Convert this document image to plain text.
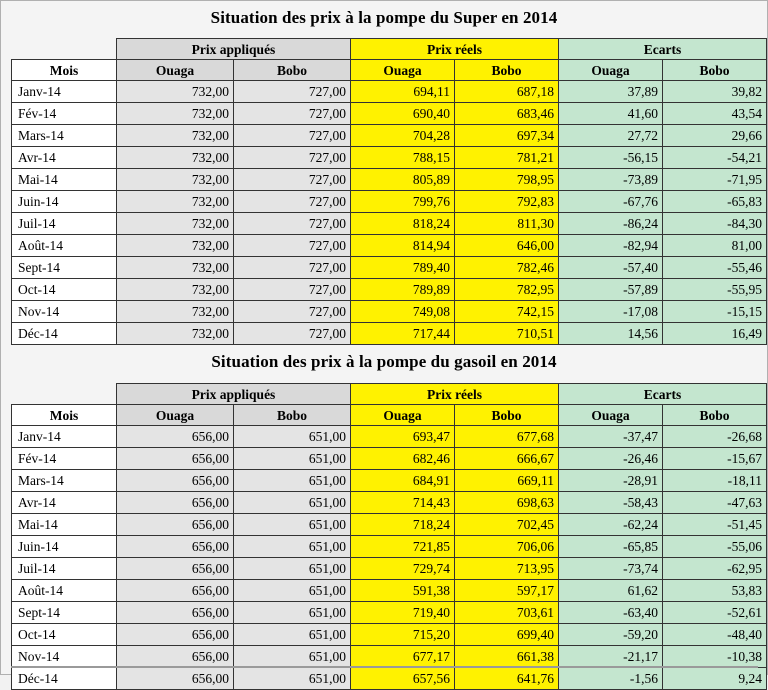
Situation des prix à la pompe du Super en 2014
	Prix appliqués		Prix réels		Ecarts	
Mois	Ouaga	Bobo	Ouaga	Bobo	Ouaga	Bobo
Janv-14	732,00	727,00	694,11	687,18	37,89	39,82
Fév-14	732,00	727,00	690,40	683,46	41,60	43,54
Mars-14	732,00	727,00	704,28	697,34	27,72	29,66
Avr-14	732,00	727,00	788,15	781,21	-56,15	-54,21
Mai-14	732,00	727,00	805,89	798,95	-73,89	-71,95
Juin-14	732,00	727,00	799,76	792,83	-67,76	-65,83
Juil-14	732,00	727,00	818,24	811,30	-86,24	-84,30
Août-14	732,00	727,00	814,94	646,00	-82,94	81,00
Sept-14	732,00	727,00	789,40	782,46	-57,40	-55,46
Oct-14	732,00	727,00	789,89	782,95	-57,89	-55,95
Nov-14	732,00	727,00	749,08	742,15	-17,08	-15,15
Déc-14	732,00	727,00	717,44	710,51	14,56	16,49
Situation des prix à la pompe du gasoil en 2014
	Prix appliqués		Prix réels		Ecarts	
Mois	Ouaga	Bobo	Ouaga	Bobo	Ouaga	Bobo
Janv-14	656,00	651,00	693,47	677,68	-37,47	-26,68
Fév-14	656,00	651,00	682,46	666,67	-26,46	-15,67
Mars-14	656,00	651,00	684,91	669,11	-28,91	-18,11
Avr-14	656,00	651,00	714,43	698,63	-58,43	-47,63
Mai-14	656,00	651,00	718,24	702,45	-62,24	-51,45
Juin-14	656,00	651,00	721,85	706,06	-65,85	-55,06
Juil-14	656,00	651,00	729,74	713,95	-73,74	-62,95
Août-14	656,00	651,00	591,38	597,17	61,62	53,83
Sept-14	656,00	651,00	719,40	703,61	-63,40	-52,61
Oct-14	656,00	651,00	715,20	699,40	-59,20	-48,40
Nov-14	656,00	651,00	677,17	661,38	-21,17	-10,38
Déc-14	656,00	651,00	657,56	641,76	-1,56	9,24
